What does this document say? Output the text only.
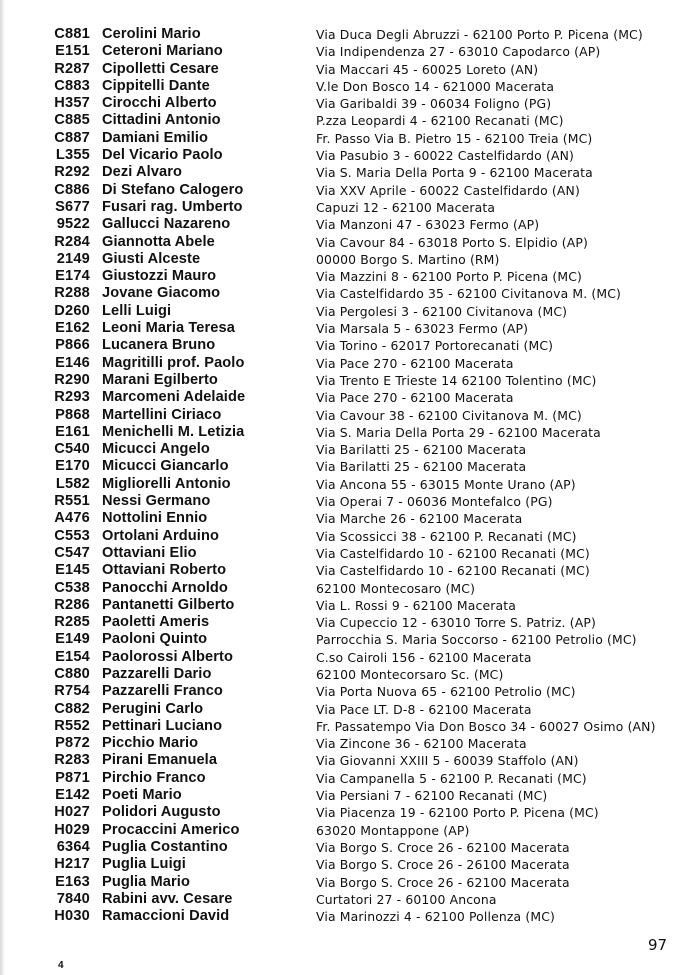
C881 Cerolini Mario	Via Duca Degli Abruzzi - 62100 Porto P. Picena (MC)
E151 Ceteroni Mariano	Via Indipendenza 27 - 63010 Capodarco (AP)
R287 Cipolletti Cesare	Via Maccari 45 - 60025 Loreto (AN)
C883 Cippitelli Dante	V.le Don Bosco 14 - 621000 Macerata
H357 Cirocchi Alberto	Via Garibaldi 39 - 06034 Foligno (PG)
C885 Cittadini Antonio	P.zza Leopardi 4 - 62100 Recanati (MC)
C887 Damiani Emilio	Fr. Passo Via B. Pietro 15 - 62100 Treia (MC)
L355 Del Vicario Paolo	Via Pasubio 3 - 60022 Castelfidardo (AN)
R292 Dezi Alvaro	Via S. Maria Della Porta 9 - 62100 Macerata
C886 Di Stefano Calogero	Via XXV Aprile - 60022 Castelfidardo (AN)
S677 Fusari rag. Umberto	Capuzi 12 - 62100 Macerata
9522 Gallucci Nazareno	Via Manzoni 47 - 63023 Fermo (AP)
R284 Giannotta Abele	Via Cavour 84 - 63018 Porto S. Elpidio (AP)
2149 Giusti Alceste	00000 Borgo S. Martino (RM)
E174 Giustozzi Mauro	Via Mazzini 8 - 62100 Porto P. Picena (MC)
R288 Jovane Giacomo	Via Castelfidardo 35 - 62100 Civitanova M. (MC)
D260 Lelli Luigi	Via Pergolesi 3 - 62100 Civitanova (MC)
E162 Leoni Maria Teresa	Via Marsala 5 - 63023 Fermo (AP)
P866 Lucanera Bruno	Via Torino - 62017 Portorecanati (MC)
E146 Magritilli prof. Paolo	Via Pace 270 - 62100 Macerata
R290 Marani Egilberto	Via Trento E Trieste 14 62100 Tolentino (MC)
R293 Marcomeni Adelaide	Via Pace 270 - 62100 Macerata
P868 Martellini Ciriaco	Via Cavour 38 - 62100 Civitanova M. (MC)
E161 Menichelli M. Letizia	Via S. Maria Della Porta 29 - 62100 Macerata
C540 Micucci Angelo	Via Barilatti 25 - 62100 Macerata
E170 Micucci Giancarlo	Via Barilatti 25 - 62100 Macerata
L582 Migliorelli Antonio	Via Ancona 55 - 63015 Monte Urano (AP)
R551 Nessi Germano	Via Operai 7 - 06036 Montefalco (PG)
A476 Nottolini Ennio	Via Marche 26 - 62100 Macerata
C553 Ortolani Arduino	Via Scossicci 38 - 62100 P. Recanati (MC)
C547 Ottaviani Elio	Via Castelfidardo 10 - 62100 Recanati (MC)
E145 Ottaviani Roberto	Via Castelfidardo 10 - 62100 Recanati (MC)
C538 Panocchi Arnoldo	62100 Montecosaro (MC)
R286 Pantanetti Gilberto	Via L. Rossi 9 - 62100 Macerata
R285 Paoletti Ameris	Via Cupeccio 12 - 63010 Torre S. Patriz. (AP)
E149 Paoloni Quinto	Parrocchia S. Maria Soccorso - 62100 Petrolio (MC)
E154 Paolorossi Alberto	C.so Cairoli 156 - 62100 Macerata
C880 Pazzarelli Dario	62100 Montecorsaro Sc. (MC)
R754 Pazzarelli Franco	Via Porta Nuova 65 - 62100 Petrolio (MC)
C882 Perugini Carlo	Via Pace LT. D-8 - 62100 Macerata
R552 Pettinari Luciano	Fr. Passatempo Via Don Bosco 34 - 60027 Osimo (AN)
P872 Picchio Mario	Via Zincone 36 - 62100 Macerata
R283 Pirani Emanuela	Via Giovanni XXIII 5 - 60039 Staffolo (AN)
P871 Pirchio Franco	Via Campanella 5 - 62100 P. Recanati (MC)
E142 Poeti Mario	Via Persiani 7 - 62100 Recanati (MC)
H027 Polidori Augusto	Via Piacenza 19 - 62100 Porto P. Picena (MC)
H029 Procaccini Americo	63020 Montappone (AP)
6364 Puglia Costantino	Via Borgo S. Croce 26 - 62100 Macerata
H217 Puglia Luigi	Via Borgo S. Croce 26 - 26100 Macerata
E163 Puglia Mario	Via Borgo S. Croce 26 - 62100 Macerata
7840 Rabini avv. Cesare	Curtatori 27 - 60100 Ancona
H030 Ramaccioni David	Via Marinozzi 4 - 62100 Pollenza (MC)
97
4
